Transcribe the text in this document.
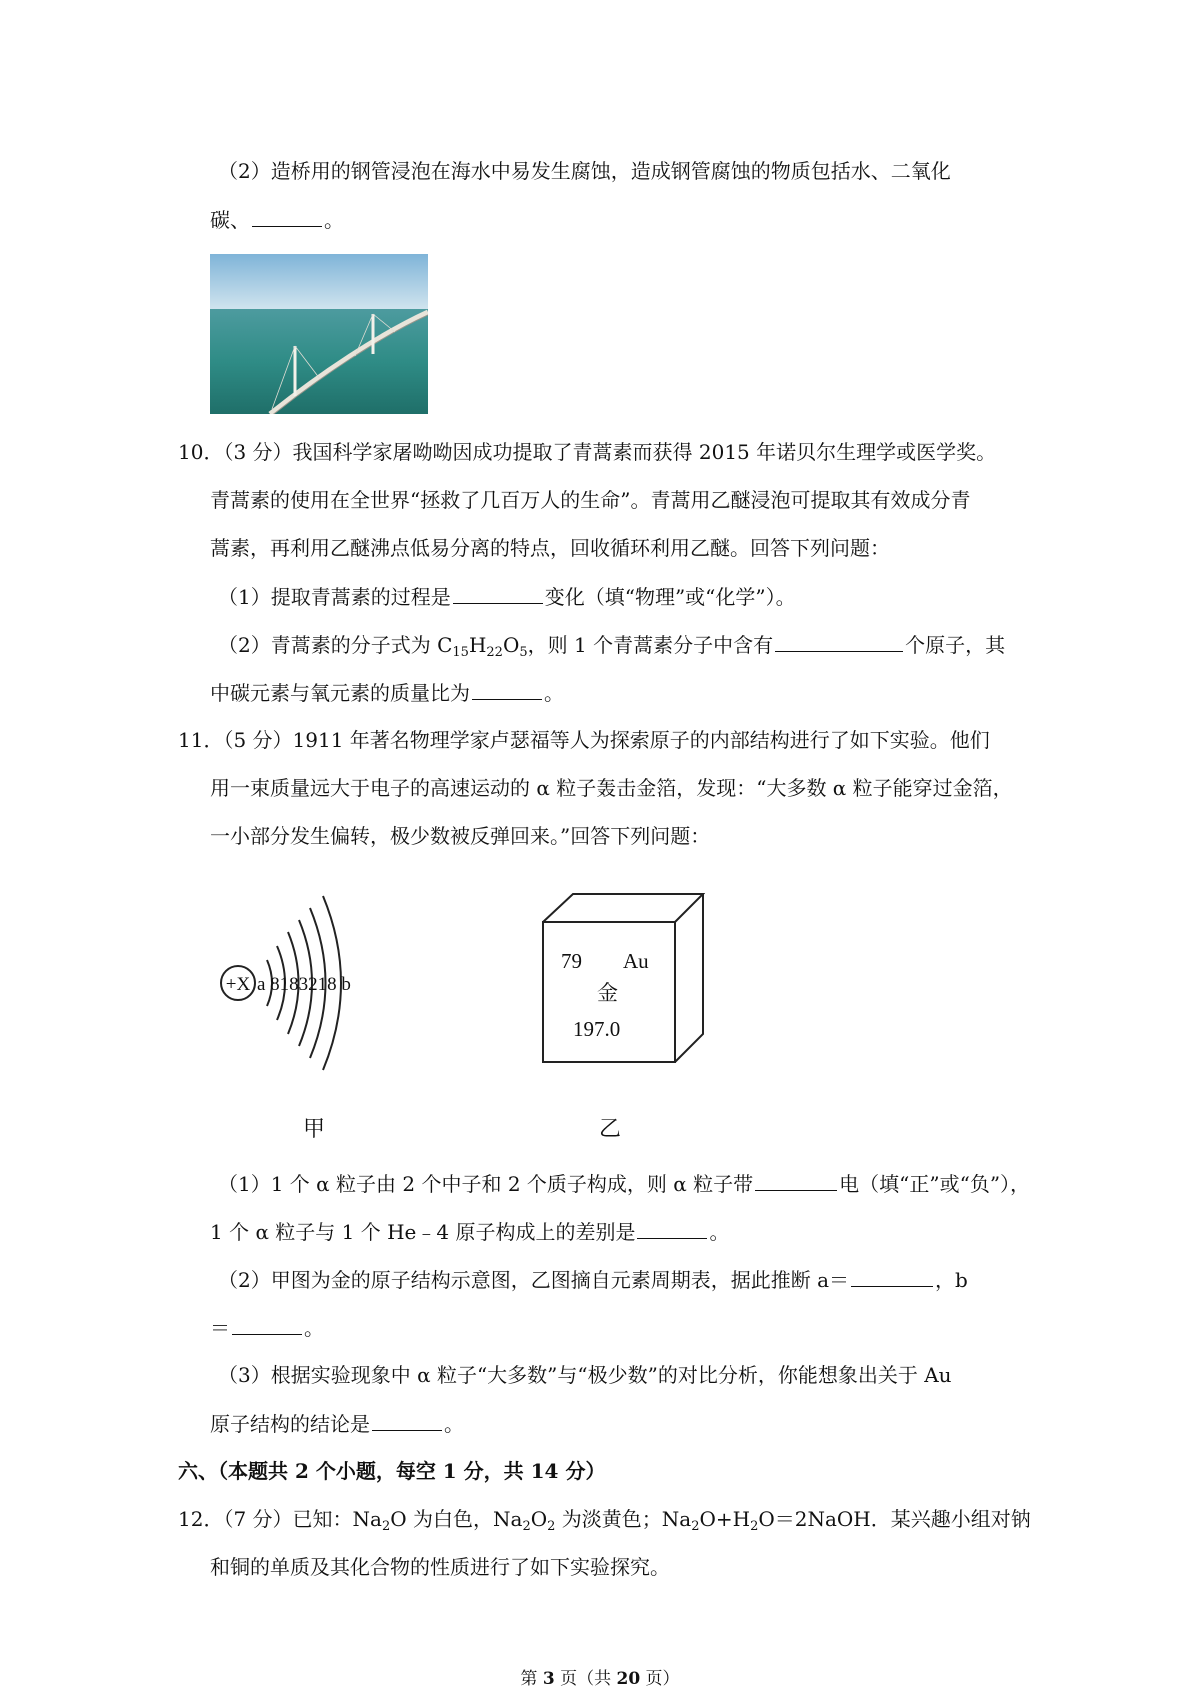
（2）造桥用的钢管浸泡在海水中易发生腐蚀，造成钢管腐蚀的物质包括水、二氧化
碳、	。
10．（3 分）我国科学家屠呦呦因成功提取了青蒿素而获得 2015 年诺贝尔生理学或医学奖。
青蒿素的使用在全世界“拯救了几百万人的生命”。青蒿用乙醚浸泡可提取其有效成分青
蒿素，再利用乙醚沸点低易分离的特点，回收循环利用乙醚。回答下列问题：
（1）提取青蒿素的过程是	变化（填“物理”或“化学”）。
（2）青蒿素的分子式为 $C_{15}H_{22}O_5$，则 1 个青蒿素分子中含有	个原子，其
中碳元素与氧元素的质量比为	。
11．（5 分）1911 年著名物理学家卢瑟福等人为探索原子的内部结构进行了如下实验。他们
用一束质量远大于电子的高速运动的 α 粒子轰击金箔，发现：“大多数 α 粒子能穿过金箔，
一小部分发生偏转，极少数被反弹回来。”回答下列问题：
+X a 8183218 b
79 Au
金
197.0
甲	乙
（1）1 个 α 粒子由 2 个中子和 2 个质子构成，则 α 粒子带	电（填“正”或“负”），
1 个 α 粒子与 1 个 He﹣4 原子构成上的差别是	。
（2）甲图为金的原子结构示意图，乙图摘自元素周期表，据此推断 a＝	，b
＝	。
（3）根据实验现象中 α 粒子“大多数”与“极少数”的对比分析，你能想象出关于 Au
原子结构的结论是	。
六、（本题共 2 个小题，每空 1 分，共 14 分）
12．（7 分）已知：$Na_2O$ 为白色，$Na_2O_2$ 为淡黄色；$Na_2O+H_2O=2NaOH$．某兴趣小组对钠
和铜的单质及其化合物的性质进行了如下实验探究。
第 3 页（共 20 页）
